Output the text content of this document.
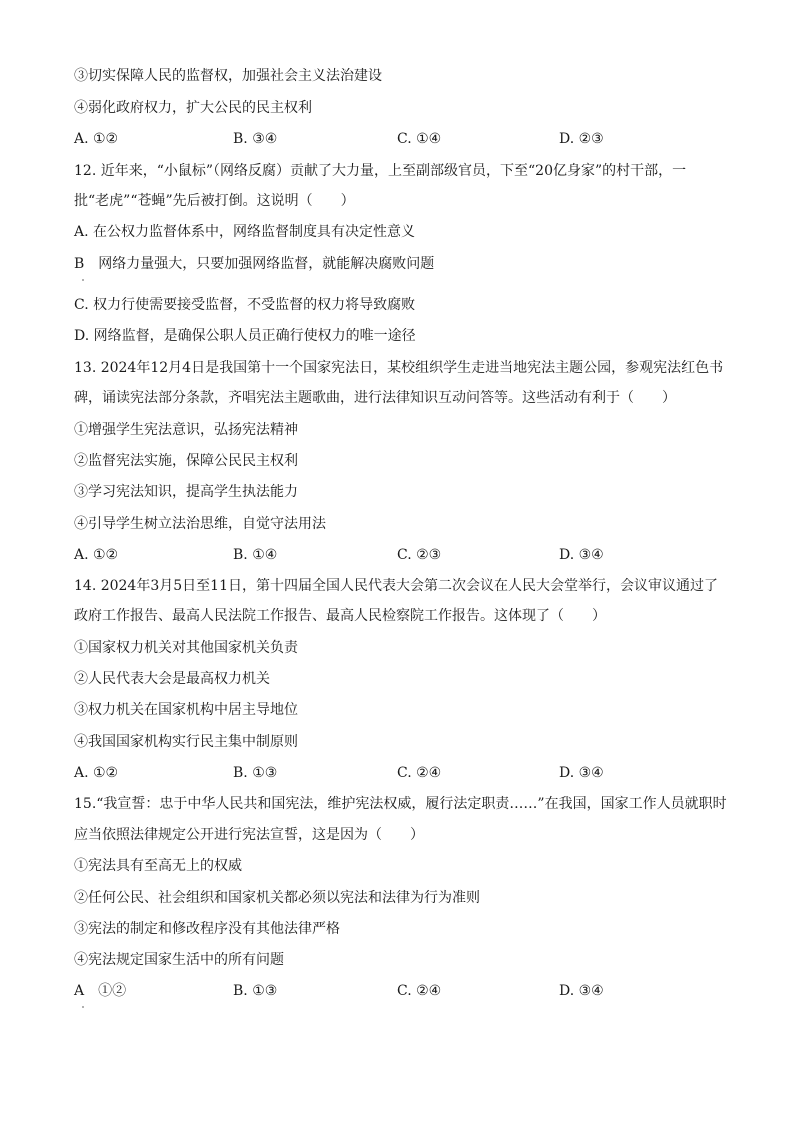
③切实保障人民的监督权，加强社会主义法治建设
④弱化政府权力，扩大公民的民主权利
A. ①②	B. ③④	C. ①④	D. ②③
12. 近年来，“小鼠标”（网络反腐）贡献了大力量，上至副部级官员，下至“20亿身家”的村干部，一
批“老虎”“苍蝇”先后被打倒。这说明（　　）
A. 在公权力监督体系中，网络监督制度具有决定性意义
B　网络力量强大，只要加强网络监督，就能解决腐败问题
C. 权力行使需要接受监督，不受监督的权力将导致腐败
D. 网络监督，是确保公职人员正确行使权力的唯一途径
13. 2024年12月4日是我国第十一个国家宪法日，某校组织学生走进当地宪法主题公园，参观宪法红色书
碑，诵读宪法部分条款，齐唱宪法主题歌曲，进行法律知识互动问答等。这些活动有利于（　　）
①增强学生宪法意识，弘扬宪法精神
②监督宪法实施，保障公民民主权利
③学习宪法知识，提高学生执法能力
④引导学生树立法治思维，自觉守法用法
A. ①②	B. ①④	C. ②③	D. ③④
14. 2024年3月5日至11日，第十四届全国人民代表大会第二次会议在人民大会堂举行，会议审议通过了
政府工作报告、最高人民法院工作报告、最高人民检察院工作报告。这体现了（　　）
①国家权力机关对其他国家机关负责
②人民代表大会是最高权力机关
③权力机关在国家机构中居主导地位
④我国国家机构实行民主集中制原则
A. ①②	B. ①③	C. ②④	D. ③④
15.“我宣誓：忠于中华人民共和国宪法，维护宪法权威，履行法定职责……”在我国，国家工作人员就职时
应当依照法律规定公开进行宪法宣誓，这是因为（　　）
①宪法具有至高无上的权威
②任何公民、社会组织和国家机关都必须以宪法和法律为行为准则
③宪法的制定和修改程序没有其他法律严格
④宪法规定国家生活中的所有问题
A　①②	B. ①③	C. ②④	D. ③④
